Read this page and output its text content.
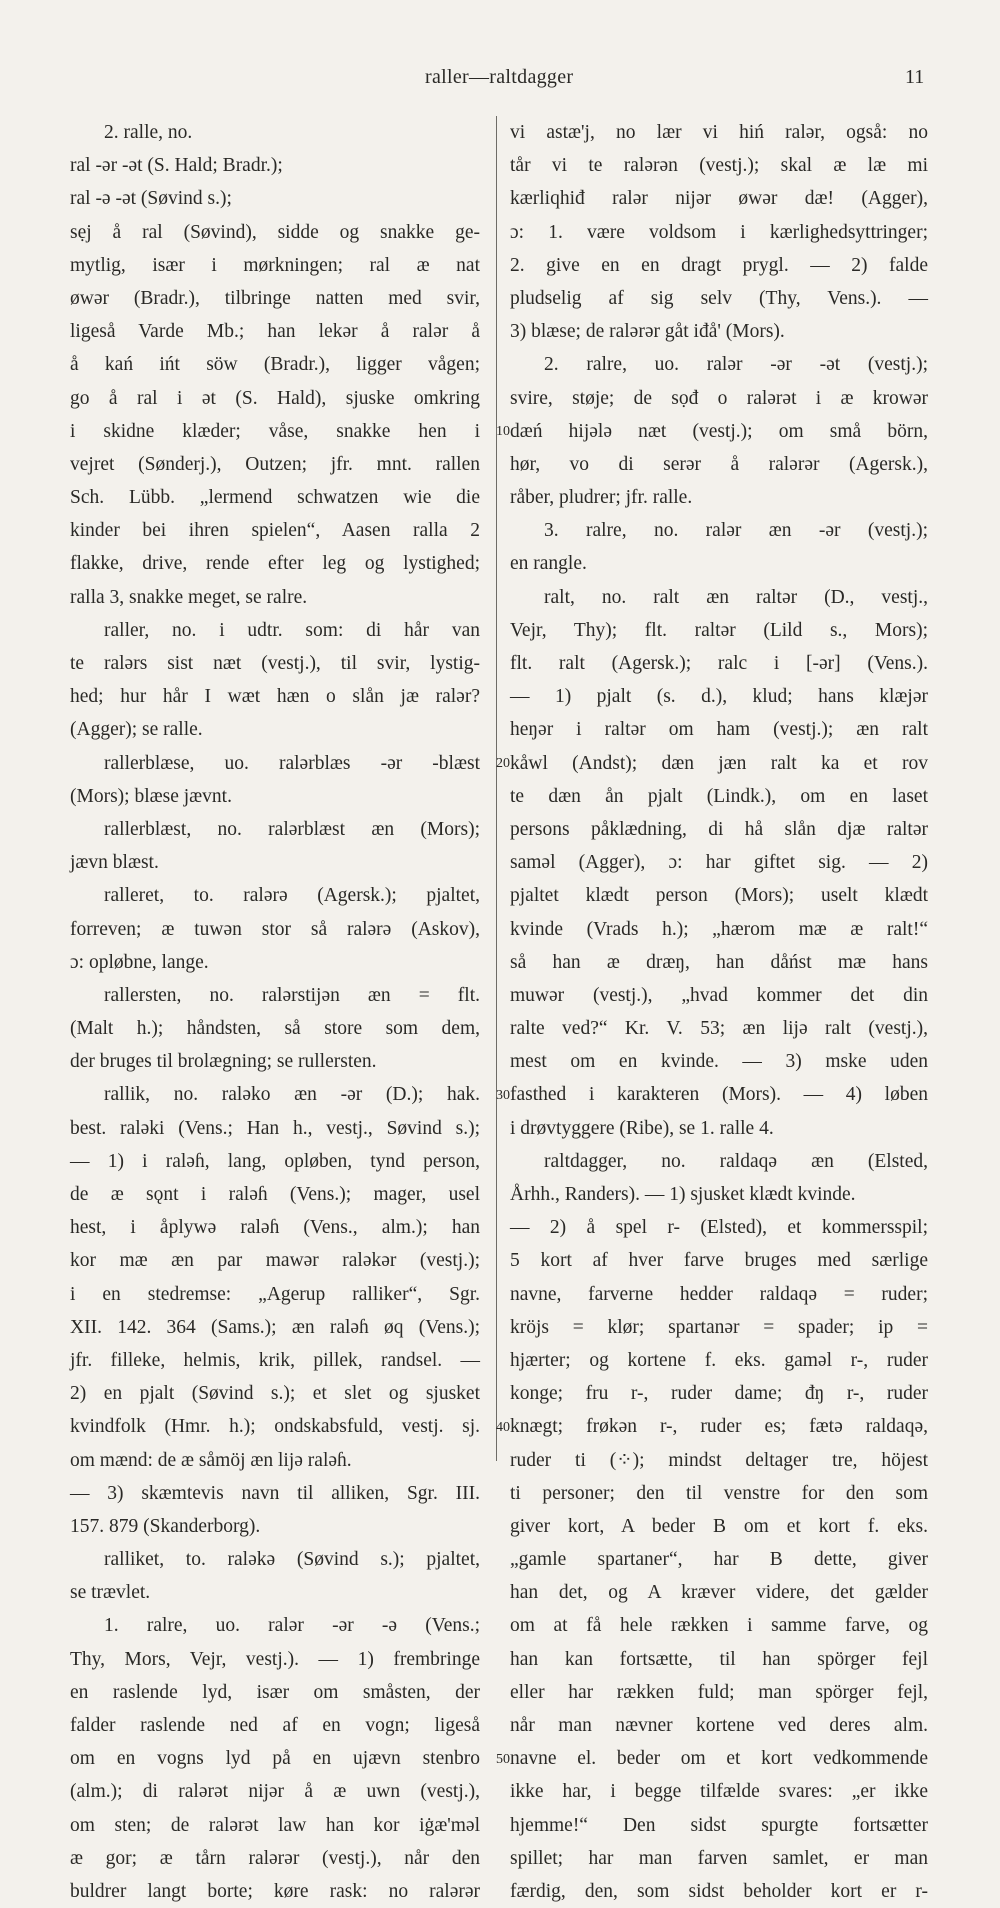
raller—raltdagger	11
2. ralle, no.
ral -ər -ət (S. Hald; Bradr.);
ral -ə -ət (Søvind s.);
sẹj å ral (Søvind), sidde og snakke ge-
mytlig, især i mørkningen; ral æ nat
øwər (Bradr.), tilbringe natten med svir,
ligeså Varde Mb.; han lekər å ralər å
å kań ińt söw (Bradr.), ligger vågen;
go å ral i ət (S. Hald), sjuske omkring
i skidne klæder; våse, snakke hen i
vejret (Sønderj.), Outzen; jfr. mnt. rallen
Sch. Lübb. „lermend schwatzen wie die
kinder bei ihren spielen“, Aasen ralla 2
flakke, drive, rende efter leg og lystighed;
ralla 3, snakke meget, se ralre.
raller, no. i udtr. som: di hår van
te ralərs sist næt (vestj.), til svir, lystig-
hed; hur hår I wæt hæn o slån jæ ralər?
(Agger); se ralle.
rallerblæse, uo. ralərblæs -ər -blæst
(Mors); blæse jævnt.
rallerblæst, no. ralərblæst æn (Mors);
jævn blæst.
ralleret, to. ralərə (Agersk.); pjaltet,
forreven; æ tuwən stor så ralərə (Askov),
ɔ: opløbne, lange.
rallersten, no. ralərstijən æn = flt.
(Malt h.); håndsten, så store som dem,
der bruges til brolægning; se rullersten.
rallik, no. raləko æn -ər (D.); hak.
best. raləki (Vens.; Han h., vestj., Søvind s.);
— 1) i raləɦ, lang, opløben, tynd person,
de æ sǫnt i raləɦ (Vens.); mager, usel
hest, i åplywə raləɦ (Vens., alm.); han
kor mæ æn par mawər raləkər (vestj.);
i en stedremse: „Agerup ralliker“, Sgr.
XII. 142. 364 (Sams.); æn raləɦ øq (Vens.);
jfr. filleke, helmis, krik, pillek, randsel. —
2) en pjalt (Søvind s.); et slet og sjusket
kvindfolk (Hmr. h.); ondskabsfuld, vestj. sj.
om mænd: de æ såmöj æn lijə raləɦ.
— 3) skæmtevis navn til alliken, Sgr. III.
157. 879 (Skanderborg).
ralliket, to. raləkə (Søvind s.); pjaltet,
se trævlet.
1. ralre, uo. ralər -ər -ə (Vens.;
Thy, Mors, Vejr, vestj.). — 1) frembringe
en raslende lyd, især om småsten, der
falder raslende ned af en vogn; ligeså
om en vogns lyd på en ujævn stenbro
(alm.); di ralərət nijər å æ uwn (vestj.),
om sten; de ralərət law han kor iġæ'məl
æ gor; æ tårn ralərər (vestj.), når den
buldrer langt borte; køre rask: no ralərər
10
20
30
40
50
vi astæ'j, no lær vi hiń ralər, også: no
tår vi te ralərən (vestj.); skal æ læ mi
kærliqhiđ ralər nijər øwər dæ! (Agger),
ɔ: 1. være voldsom i kærlighedsyttringer;
2. give en en dragt prygl. — 2) falde
pludselig af sig selv (Thy, Vens.). —
3) blæse; de ralərər gåt iđå' (Mors).
2. ralre, uo. ralər -ər -ət (vestj.);
svire, støje; de sọđ o ralərət i æ krowər
dæń hijələ næt (vestj.); om små börn,
hør, vo di serər å ralərər (Agersk.),
råber, pludrer; jfr. ralle.
3. ralre, no. ralər æn -ər (vestj.);
en rangle.
ralt, no. ralt æn raltər (D., vestj.,
Vejr, Thy); flt. raltər (Lild s., Mors);
flt. ralt (Agersk.); ralc i [-ər] (Vens.).
— 1) pjalt (s. d.), klud; hans klæjər
heŋər i raltər om ham (vestj.); æn ralt
kåwl (Andst); dæn jæn ralt ka et rov
te dæn ån pjalt (Lindk.), om en laset
persons påklædning, di hå slån djæ raltər
saməl (Agger), ɔ: har giftet sig. — 2)
pjaltet klædt person (Mors); uselt klædt
kvinde (Vrads h.); „hærom mæ æ ralt!“
så han æ dræŋ, han dåńst mæ hans
muwər (vestj.), „hvad kommer det din
ralte ved?“ Kr. V. 53; æn lijə ralt (vestj.),
mest om en kvinde. — 3) mske uden
fasthed i karakteren (Mors). — 4) løben
i drøvtyggere (Ribe), se 1. ralle 4.
raltdagger, no. raldaqə æn (Elsted,
Århh., Randers). — 1) sjusket klædt kvinde.
— 2) å spel r- (Elsted), et kommersspil;
5 kort af hver farve bruges med særlige
navne, farverne hedder raldaqə = ruder;
kröjs = klør; spartanər = spader; ip =
hjærter; og kortene f. eks. gaməl r-, ruder
konge; fru r-, ruder dame; đŋ r-, ruder
knægt; frøkən r-, ruder es; fætə raldaqə,
ruder ti (⁘); mindst deltager tre, höjest
ti personer; den til venstre for den som
giver kort, A beder B om et kort f. eks.
„gamle spartaner“, har B dette, giver
han det, og A kræver videre, det gælder
om at få hele rækken i samme farve, og
han kan fortsætte, til han spörger fejl
eller har rækken fuld; man spörger fejl,
når man nævner kortene ved deres alm.
navne el. beder om et kort vedkommende
ikke har, i begge tilfælde svares: „er ikke
hjemme!“ Den sidst spurgte fortsætter
spillet; har man farven samlet, er man
færdig, den, som sidst beholder kort er r-
